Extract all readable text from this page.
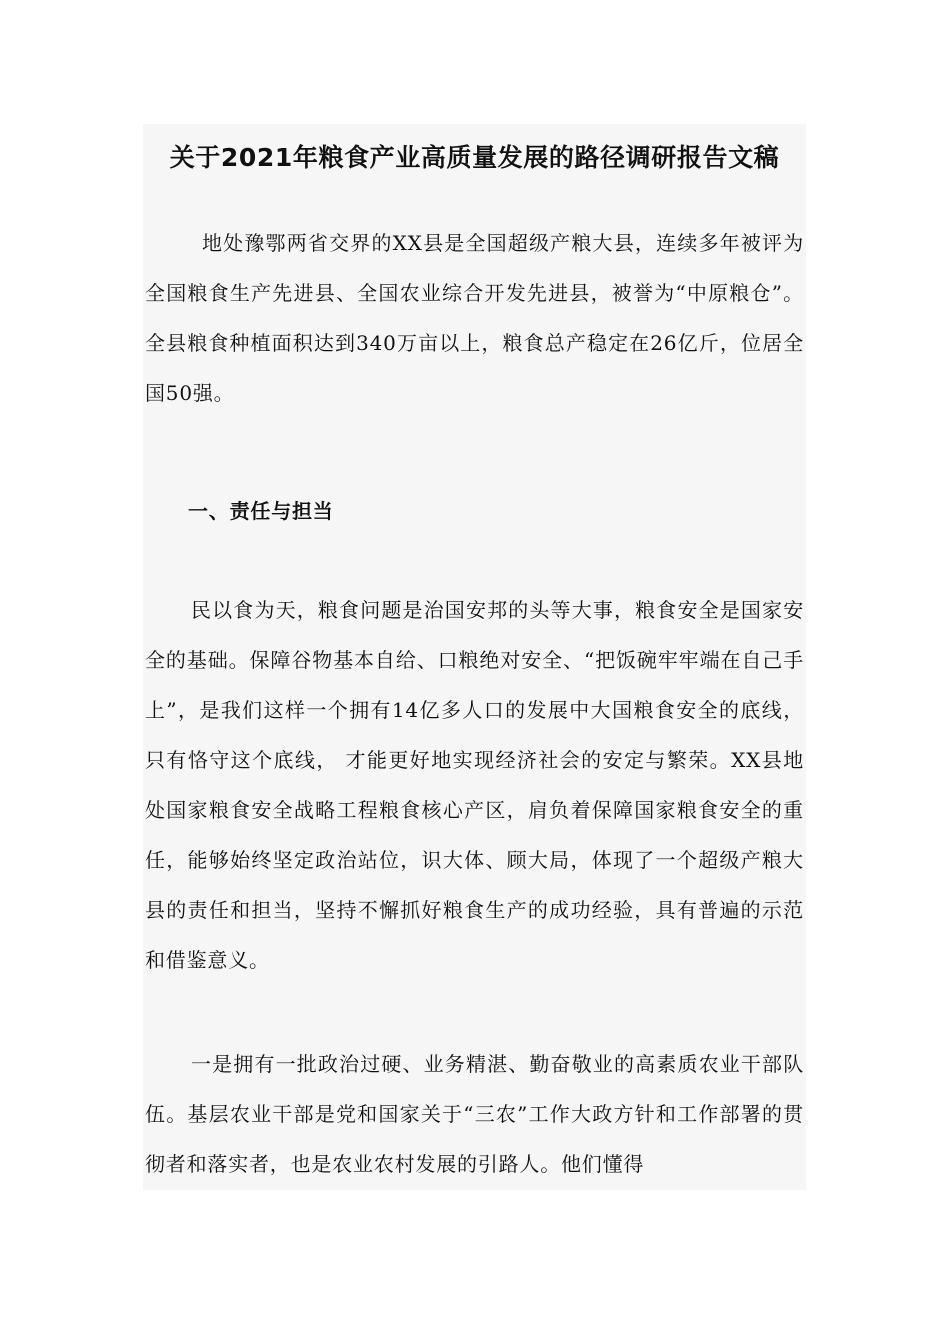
关于2021年粮食产业高质量发展的路径调研报告文稿
地处豫鄂两省交界的XX县是全国超级产粮大县，连续多年被评为全国粮食生产先进县、全国农业综合开发先进县，被誉为“中原粮仓”。全县粮食种植面积达到340万亩以上，粮食总产稳定在26亿斤，位居全国50强。
一、责任与担当
民以食为天，粮食问题是治国安邦的头等大事，粮食安全是国家安全的基础。保障谷物基本自给、口粮绝对安全、“把饭碗牢牢端在自己手上”，是我们这样一个拥有14亿多人口的发展中大国粮食安全的底线，只有恪守这个底线， 才能更好地实现经济社会的安定与繁荣。XX县地处国家粮食安全战略工程粮食核心产区，肩负着保障国家粮食安全的重任，能够始终坚定政治站位，识大体、顾大局，体现了一个超级产粮大县的责任和担当，坚持不懈抓好粮食生产的成功经验，具有普遍的示范和借鉴意义。
一是拥有一批政治过硬、业务精湛、勤奋敬业的高素质农业干部队伍。基层农业干部是党和国家关于“三农”工作大政方针和工作部署的贯彻者和落实者，也是农业农村发展的引路人。他们懂得
